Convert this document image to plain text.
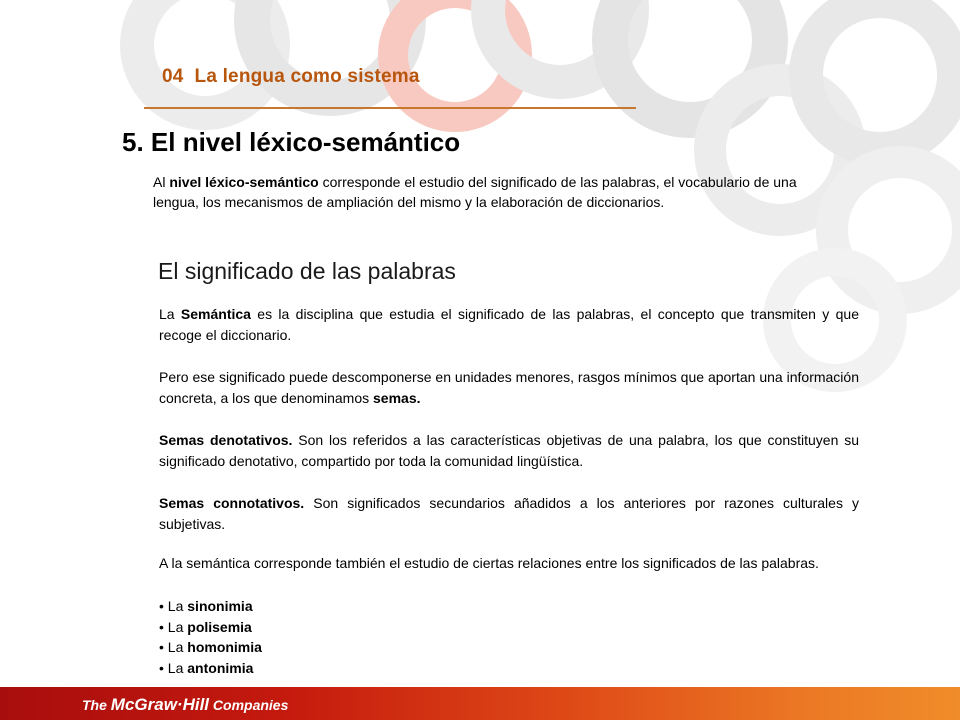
04 La lengua como sistema
5. El nivel léxico-semántico
Al nivel léxico-semántico corresponde el estudio del significado de las palabras, el vocabulario de una lengua, los mecanismos de ampliación del mismo y la elaboración de diccionarios.
El significado de las palabras
La Semántica es la disciplina que estudia el significado de las palabras, el concepto que transmiten y que recoge el diccionario.
Pero ese significado puede descomponerse en unidades menores, rasgos mínimos que aportan una información concreta, a los que denominamos semas.
Semas denotativos. Son los referidos a las características objetivas de una palabra, los que constituyen su significado denotativo, compartido por toda la comunidad lingüística.
Semas connotativos. Son significados secundarios añadidos a los anteriores por razones culturales y subjetivas.
A la semántica corresponde también el estudio de ciertas relaciones entre los significados de las palabras.
• La sinonimia
• La polisemia
• La homonimia
• La antonimia
The McGraw·Hill Companies
